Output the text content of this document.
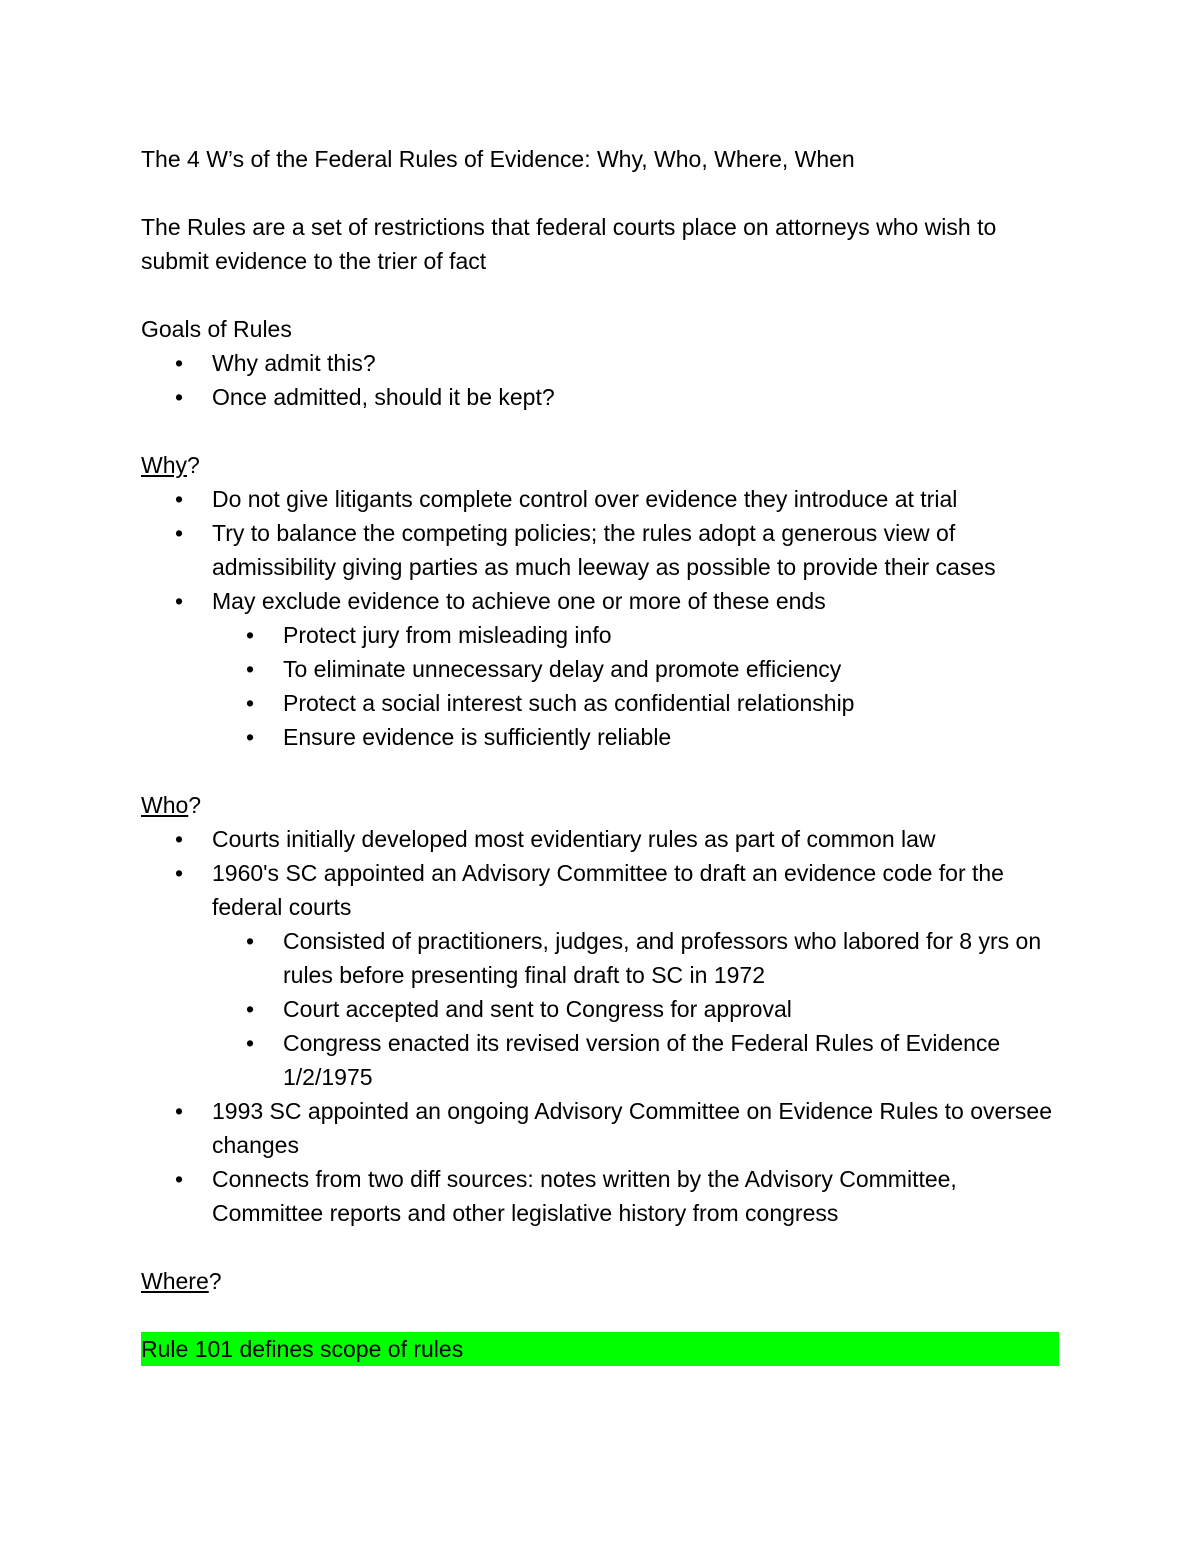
The 4 W’s of the Federal Rules of Evidence: Why, Who, Where, When

The Rules are a set of restrictions that federal courts place on attorneys who wish to submit evidence to the trier of fact

Goals of Rules

• Why admit this?
• Once admitted, should it be kept?

Why?

• Do not give litigants complete control over evidence they introduce at trial
• Try to balance the competing policies; the rules adopt a generous view of admissibility giving parties as much leeway as possible to provide their cases
• May exclude evidence to achieve one or more of these ends
• Protect jury from misleading info
• To eliminate unnecessary delay and promote efficiency
• Protect a social interest such as confidential relationship
• Ensure evidence is sufficiently reliable

Who?

• Courts initially developed most evidentiary rules as part of common law
• 1960's SC appointed an Advisory Committee to draft an evidence code for the federal courts
• Consisted of practitioners, judges, and professors who labored for 8 yrs on rules before presenting final draft to SC in 1972
• Court accepted and sent to Congress for approval
• Congress enacted its revised version of the Federal Rules of Evidence 1/2/1975
• 1993 SC appointed an ongoing Advisory Committee on Evidence Rules to oversee changes
• Connects from two diff sources: notes written by the Advisory Committee, Committee reports and other legislative history from congress

Where?

Rule 101 defines scope of rules
